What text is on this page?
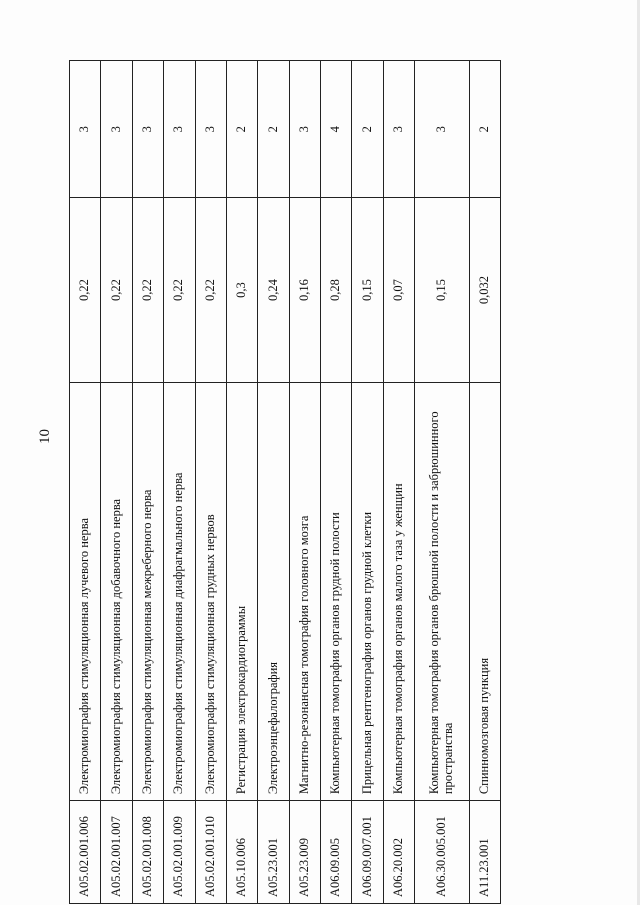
10
A05.02.001.006	Электромиография стимуляционная лучевого нерва	0,22	3
A05.02.001.007	Электромиография стимуляционная добавочного нерва	0,22	3
A05.02.001.008	Электромиография стимуляционная межреберного нерва	0,22	3
A05.02.001.009	Электромиография стимуляционная диафрагмального нерва	0,22	3
A05.02.001.010	Электромиография стимуляционная грудных нервов	0,22	3
A05.10.006	Регистрация электрокардиограммы	0,3	2
A05.23.001	Электроэнцефалография	0,24	2
A05.23.009	Магнитно-резонансная томография головного мозга	0,16	3
A06.09.005	Компьютерная томография органов грудной полости	0,28	4
A06.09.007.001	Прицельная рентгенография органов грудной клетки	0,15	2
A06.20.002	Компьютерная томография органов малого таза у женщин	0,07	3
A06.30.005.001	Компьютерная томография органов брюшной полости и забрюшинного пространства	0,15	3
A11.23.001	Спинномозговая пункция	0,032	2
